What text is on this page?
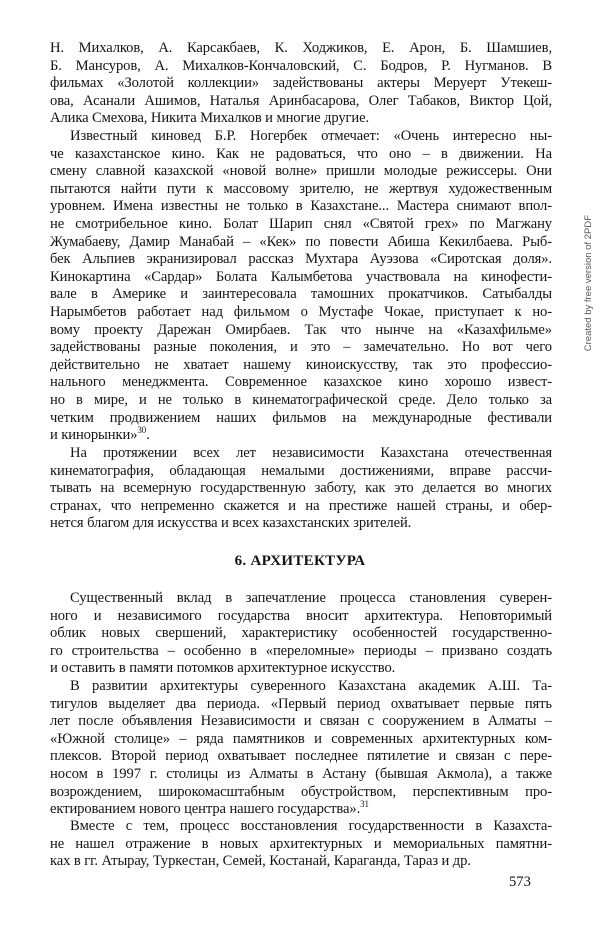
Н. Михалков, А. Карсакбаев, К. Ходжиков, Е. Арон, Б. Шамшиев,
Б. Мансуров, А. Михалков-Кончаловский, С. Бодров, Р. Нугманов. В
фильмах «Золотой коллекции» задействованы актеры Меруерт Утекеш-
ова, Асанали Ашимов, Наталья Аринбасарова, Олег Табаков, Виктор Цой,
Алика Смехова, Никита Михалков и многие другие.
Известный киновед Б.Р. Ногербек отмечает: «Очень интересно ны-
че казахстанское кино. Как не радоваться, что оно – в движении. На
смену славной казахской «новой волне» пришли молодые режиссеры. Они
пытаются найти пути к массовому зрителю, не жертвуя художественным
уровнем. Имена известны не только в Казахстане... Мастера снимают впол-
не смотрибельное кино. Болат Шарип снял «Святой грех» по Магжану
Жумабаеву, Дамир Манабай – «Кек» по повести Абиша Кекилбаева. Рыб-
бек Альпиев экранизировал рассказ Мухтара Ауэзова «Сиротская доля».
Кинокартина «Сардар» Болата Калымбетова участвовала на кинофести-
вале в Америке и заинтересовала тамошних прокатчиков. Сатыбалды
Нарымбетов работает над фильмом о Мустафе Чокае, приступает к но-
вому проекту Дарежан Омирбаев. Так что нынче на «Казахфильме»
задействованы разные поколения, и это – замечательно. Но вот чего
действительно не хватает нашему киноискусству, так это профессио-
нального менеджмента. Современное казахское кино хорошо извест-
но в мире, и не только в кинематографической среде. Дело только за
четким продвижением наших фильмов на международные фестивали
и кинорынки»$^{30}$.
На протяжении всех лет независимости Казахстана отечественная
кинематография, обладающая немалыми достижениями, вправе рассчи-
тывать на всемерную государственную заботу, как это делается во многих
странах, что непременно скажется и на престиже нашей страны, и обер-
нется благом для искусства и всех казахстанских зрителей.
6. АРХИТЕКТУРА
Существенный вклад в запечатление процесса становления суверен-
ного и независимого государства вносит архитектура. Неповторимый
облик новых свершений, характеристику особенностей государственно-
го строительства – особенно в «переломные» периоды – призвано создать
и оставить в памяти потомков архитектурное искусство.
В развитии архитектуры суверенного Казахстана академик А.Ш. Та-
тигулов выделяет два периода. «Первый период охватывает первые пять
лет после объявления Независимости и связан с сооружением в Алматы –
«Южной столице» – ряда памятников и современных архитектурных ком-
плексов. Второй период охватывает последнее пятилетие и связан с пере-
носом в 1997 г. столицы из Алматы в Астану (бывшая Акмола), а также
возрождением, широкомасштабным обустройством, перспективным про-
ектированием нового центра нашего государства».$^{31}$
Вместе с тем, процесс восстановления государственности в Казахста-
не нашел отражение в новых архитектурных и мемориальных памятни-
ках в гг. Атырау, Туркестан, Семей, Костанай, Караганда, Тараз и др.
573
Created by free version of 2PDF
